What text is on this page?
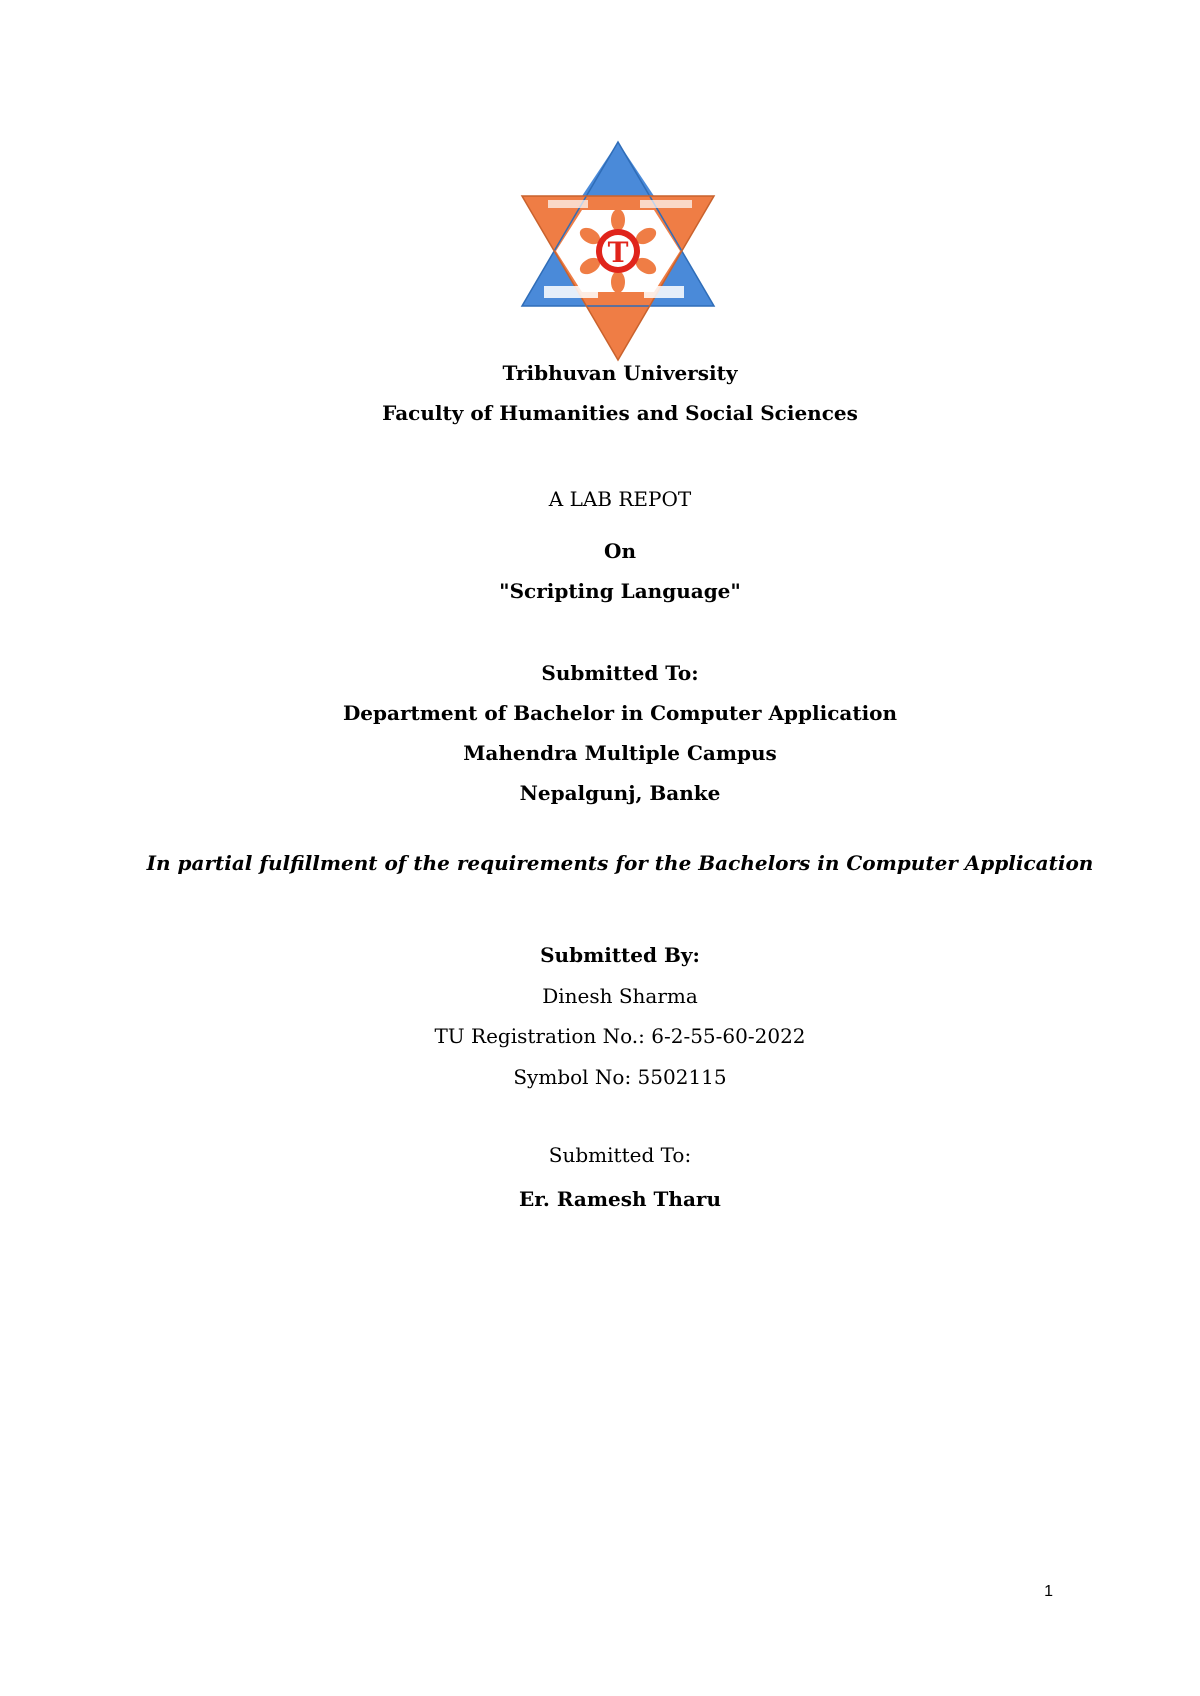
T
Tribhuvan University
Faculty of Humanities and Social Sciences
A LAB REPOT
On
"Scripting Language"
Submitted To:
Department of Bachelor in Computer Application
Mahendra Multiple Campus
Nepalgunj, Banke
In partial fulfillment of the requirements for the Bachelors in Computer Application
Submitted By:
Dinesh Sharma
TU Registration No.: 6-2-55-60-2022
Symbol No: 5502115
Submitted To:
Er. Ramesh Tharu
1
